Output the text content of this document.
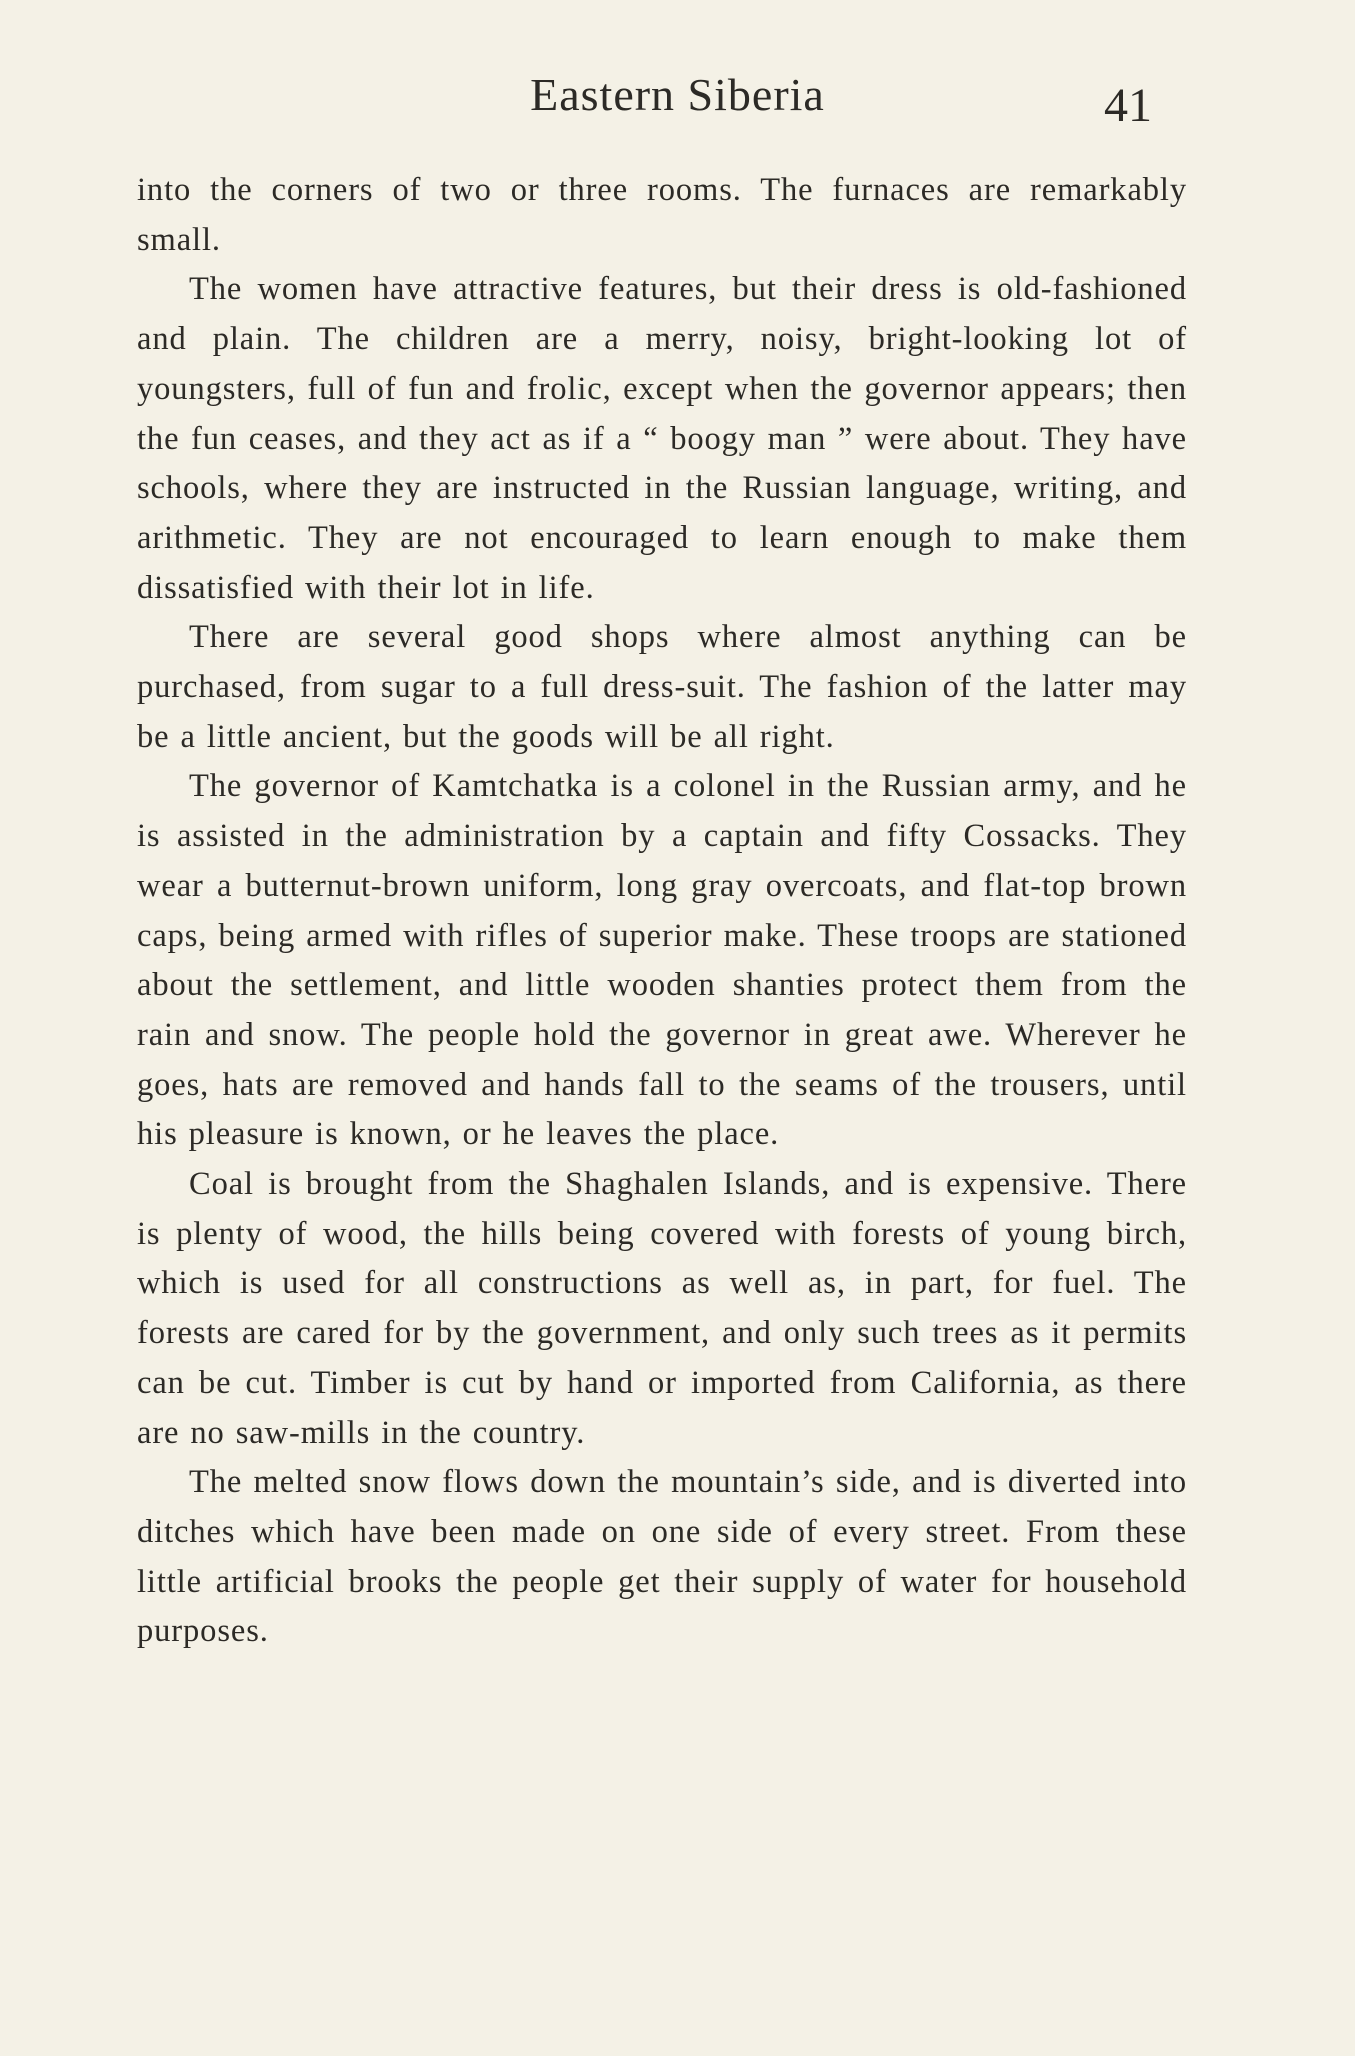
Eastern Siberia	41

into the corners of two or three rooms. The furnaces are remarkably small.

The women have attractive features, but their dress is old-fashioned and plain. The children are a merry, noisy, bright-looking lot of youngsters, full of fun and frolic, except when the governor appears; then the fun ceases, and they act as if a “ boogy man ” were about. They have schools, where they are instructed in the Russian language, writing, and arithmetic. They are not encouraged to learn enough to make them dissatisfied with their lot in life.

There are several good shops where almost anything can be purchased, from sugar to a full dress-suit. The fashion of the latter may be a little ancient, but the goods will be all right.

The governor of Kamtchatka is a colonel in the Russian army, and he is assisted in the administration by a captain and fifty Cossacks. They wear a butternut-brown uniform, long gray overcoats, and flat-top brown caps, being armed with rifles of superior make. These troops are stationed about the settlement, and little wooden shanties protect them from the rain and snow. The people hold the governor in great awe. Wherever he goes, hats are removed and hands fall to the seams of the trousers, until his pleasure is known, or he leaves the place.

Coal is brought from the Shaghalen Islands, and is expensive. There is plenty of wood, the hills being covered with forests of young birch, which is used for all constructions as well as, in part, for fuel. The forests are cared for by the government, and only such trees as it permits can be cut. Timber is cut by hand or imported from California, as there are no saw-mills in the country.

The melted snow flows down the mountain’s side, and is diverted into ditches which have been made on one side of every street. From these little artificial brooks the people get their supply of water for household purposes.
